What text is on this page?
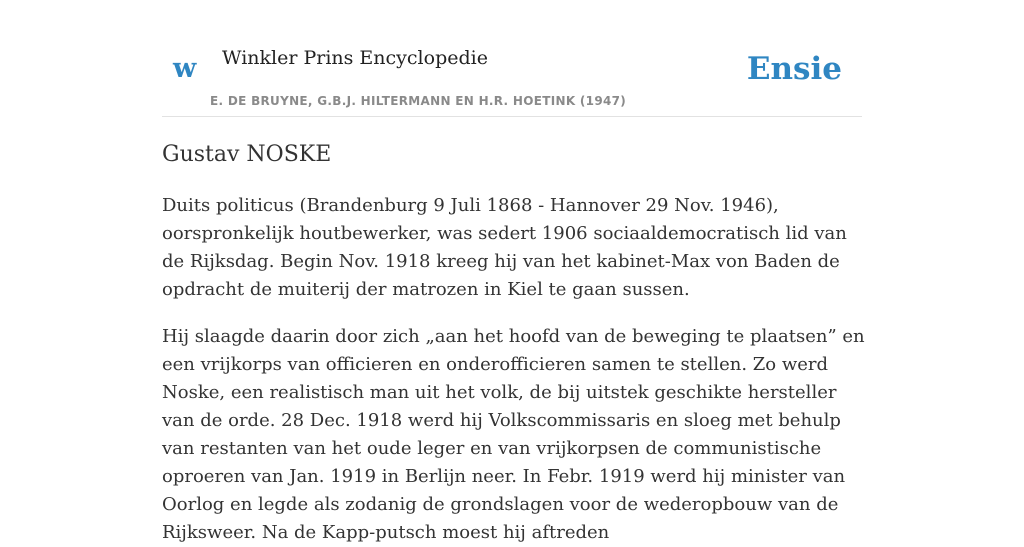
w Winkler Prins Encyclopedie
E. DE BRUYNE, G.B.J. HILTERMANN EN H.R. HOETINK (1947)
Ensie
Gustav NOSKE

Duits politicus (Brandenburg 9 Juli 1868 - Hannover 29 Nov. 1946), oorspronkelijk houtbewerker, was sedert 1906 sociaaldemocratisch lid van de Rijksdag. Begin Nov. 1918 kreeg hij van het kabinet-Max von Baden de opdracht de muiterij der matrozen in Kiel te gaan sussen.

Hij slaagde daarin door zich „aan het hoofd van de beweging te plaatsen” en een vrijkorps van officieren en onderofficieren samen te stellen. Zo werd Noske, een realistisch man uit het volk, de bij uitstek geschikte hersteller van de orde. 28 Dec. 1918 werd hij Volkscommissaris en sloeg met behulp van restanten van het oude leger en van vrijkorpsen de communistische oproeren van Jan. 1919 in Berlijn neer. In Febr. 1919 werd hij minister van Oorlog en legde als zodanig de grondslagen voor de wederopbouw van de Rijksweer. Na de Kapp-putsch moest hij aftreden
